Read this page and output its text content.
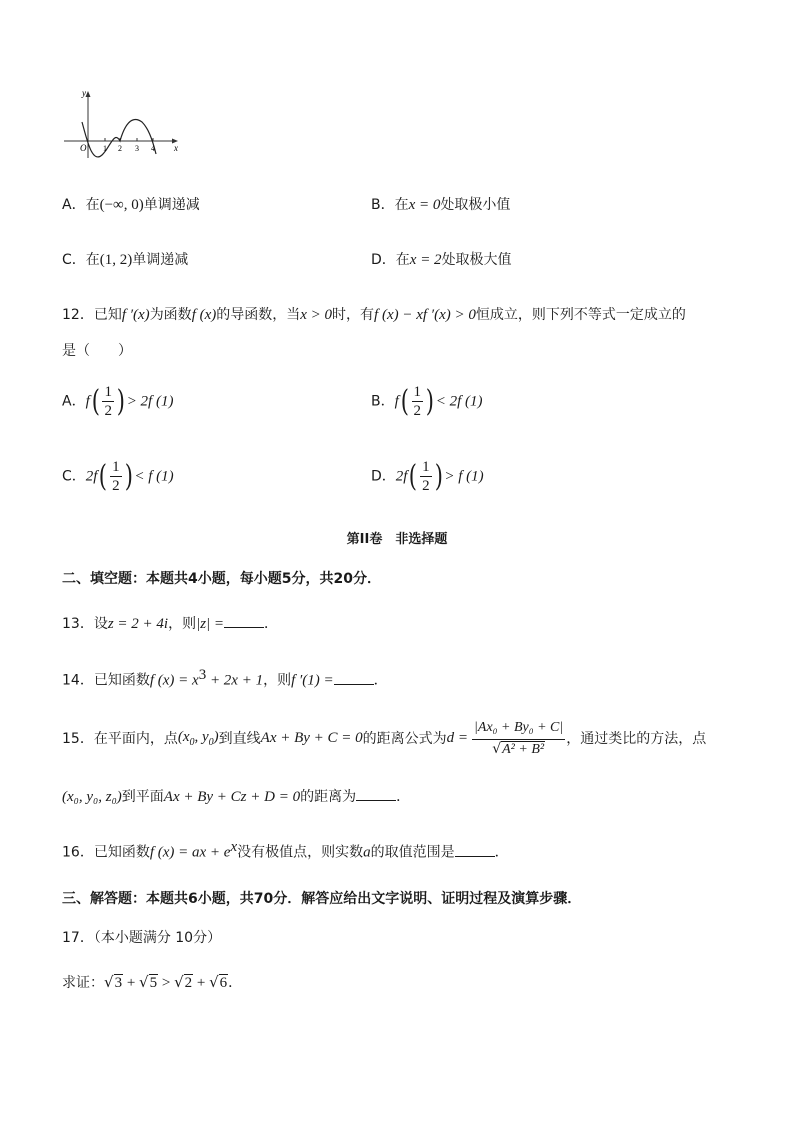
y
x
O 1 2 3 4
A．在(−∞, 0)单调递减	B．在x = 0处取极小值
C．在(1, 2)单调递减	D．在x = 2处取极大值
12．已知f ′(x)为函数f (x)的导函数，当x > 0时，有f (x) − xf ′(x) > 0恒成立，则下列不等式一定成立的
是（　　）
A．$f( \frac{1}{2}$ ) > 2f (1)	B．$f( \frac{1}{2}$ ) < 2f (1)
C．$2f( \frac{1}{2}$ ) < f (1)	D．$2f( \frac{1}{2}$ ) > f (1)
第II卷　非选择题
二、填空题：本题共4小题，每小题5分，共20分．
13．设z = 2 + 4i，则|z| =	．
14．已知函数f $(x) = x^3 + 2x + 1$，则f ′(1) =	．
15．在平面内，点 ($x_0$, $y_0$) 到直线 Ax + By + C = 0 的距离公式为 $d = \frac{\text{|Ax₀ + By₀ + C|}}{\text{√A² + B²}}$ ，通过类比的方法，点
(x₀, y₀, z₀)到平面Ax + By + Cz + D = 0的距离为	．
16．已知函数f (x) = ax + $e^x$没有极值点，则实数a的取值范围是	．
三、解答题：本题共6小题，共70分．解答应给出文字说明、证明过程及演算步骤．
17．（本小题满分 10分）
求证：√3 + √5 > √2 + √6．
